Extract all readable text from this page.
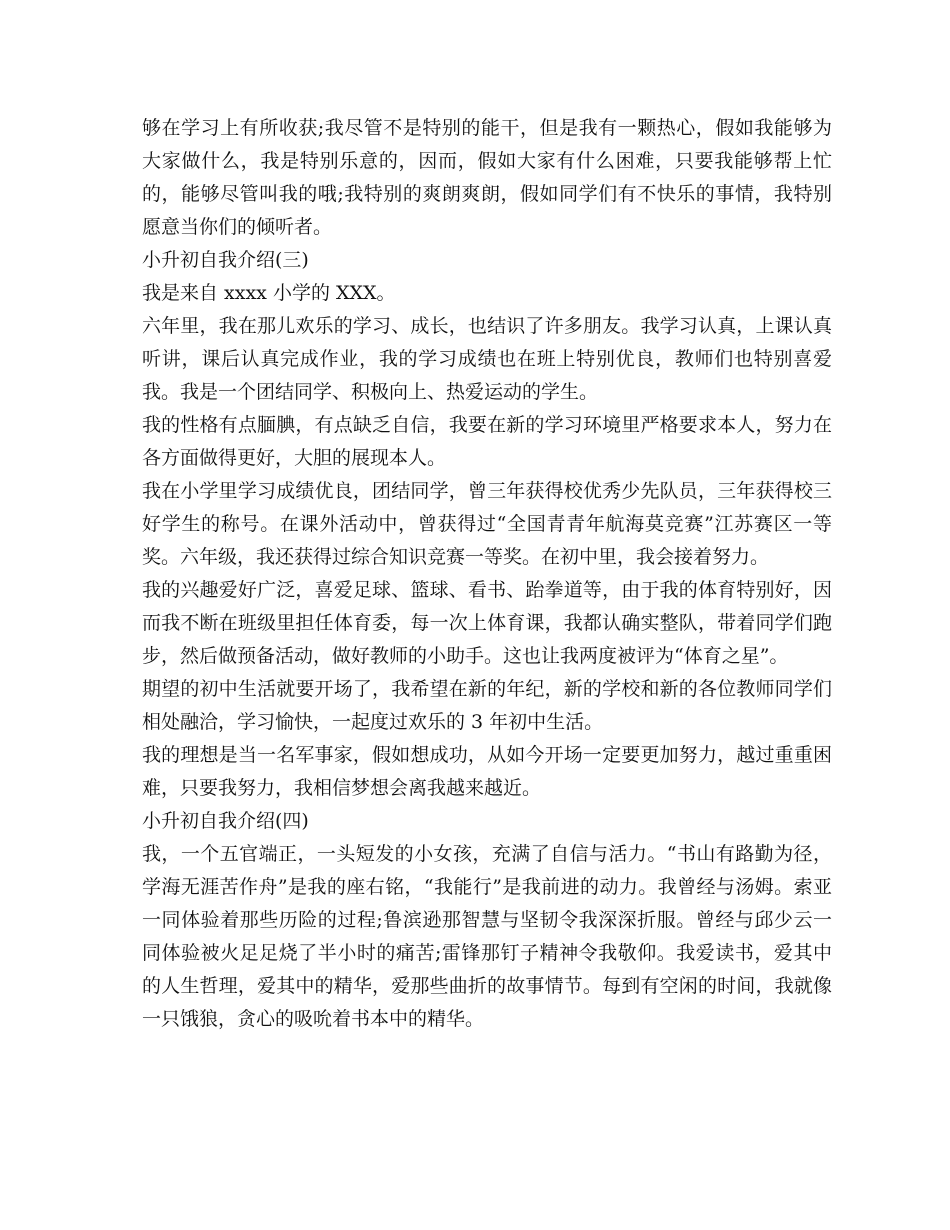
够在学习上有所收获;我尽管不是特别的能干，但是我有一颗热心，假如我能够为大家做什么，我是特别乐意的，因而，假如大家有什么困难，只要我能够帮上忙的，能够尽管叫我的哦;我特别的爽朗爽朗，假如同学们有不快乐的事情，我特别愿意当你们的倾听者。

小升初自我介绍(三)

我是来自 xxxx 小学的 XXX。

六年里，我在那儿欢乐的学习、成长，也结识了许多朋友。我学习认真，上课认真听讲，课后认真完成作业，我的学习成绩也在班上特别优良，教师们也特别喜爱我。我是一个团结同学、积极向上、热爱运动的学生。

我的性格有点腼腆，有点缺乏自信，我要在新的学习环境里严格要求本人，努力在各方面做得更好，大胆的展现本人。

我在小学里学习成绩优良，团结同学，曾三年获得校优秀少先队员，三年获得校三好学生的称号。在课外活动中，曾获得过“全国青青年航海莫竞赛”江苏赛区一等奖。六年级，我还获得过综合知识竞赛一等奖。在初中里，我会接着努力。

我的兴趣爱好广泛，喜爱足球、篮球、看书、跆拳道等，由于我的体育特别好，因而我不断在班级里担任体育委，每一次上体育课，我都认确实整队，带着同学们跑步，然后做预备活动，做好教师的小助手。这也让我两度被评为“体育之星”。

期望的初中生活就要开场了，我希望在新的年纪，新的学校和新的各位教师同学们相处融洽，学习愉快，一起度过欢乐的 3 年初中生活。

我的理想是当一名军事家，假如想成功，从如今开场一定要更加努力，越过重重困难，只要我努力，我相信梦想会离我越来越近。

小升初自我介绍(四)

我，一个五官端正，一头短发的小女孩，充满了自信与活力。“书山有路勤为径，学海无涯苦作舟”是我的座右铭，“我能行”是我前进的动力。我曾经与汤姆。索亚一同体验着那些历险的过程;鲁滨逊那智慧与坚韧令我深深折服。曾经与邱少云一同体验被火足足烧了半小时的痛苦;雷锋那钉子精神令我敬仰。我爱读书，爱其中的人生哲理，爱其中的精华，爱那些曲折的故事情节。每到有空闲的时间，我就像一只饿狼，贪心的吸吮着书本中的精华。
